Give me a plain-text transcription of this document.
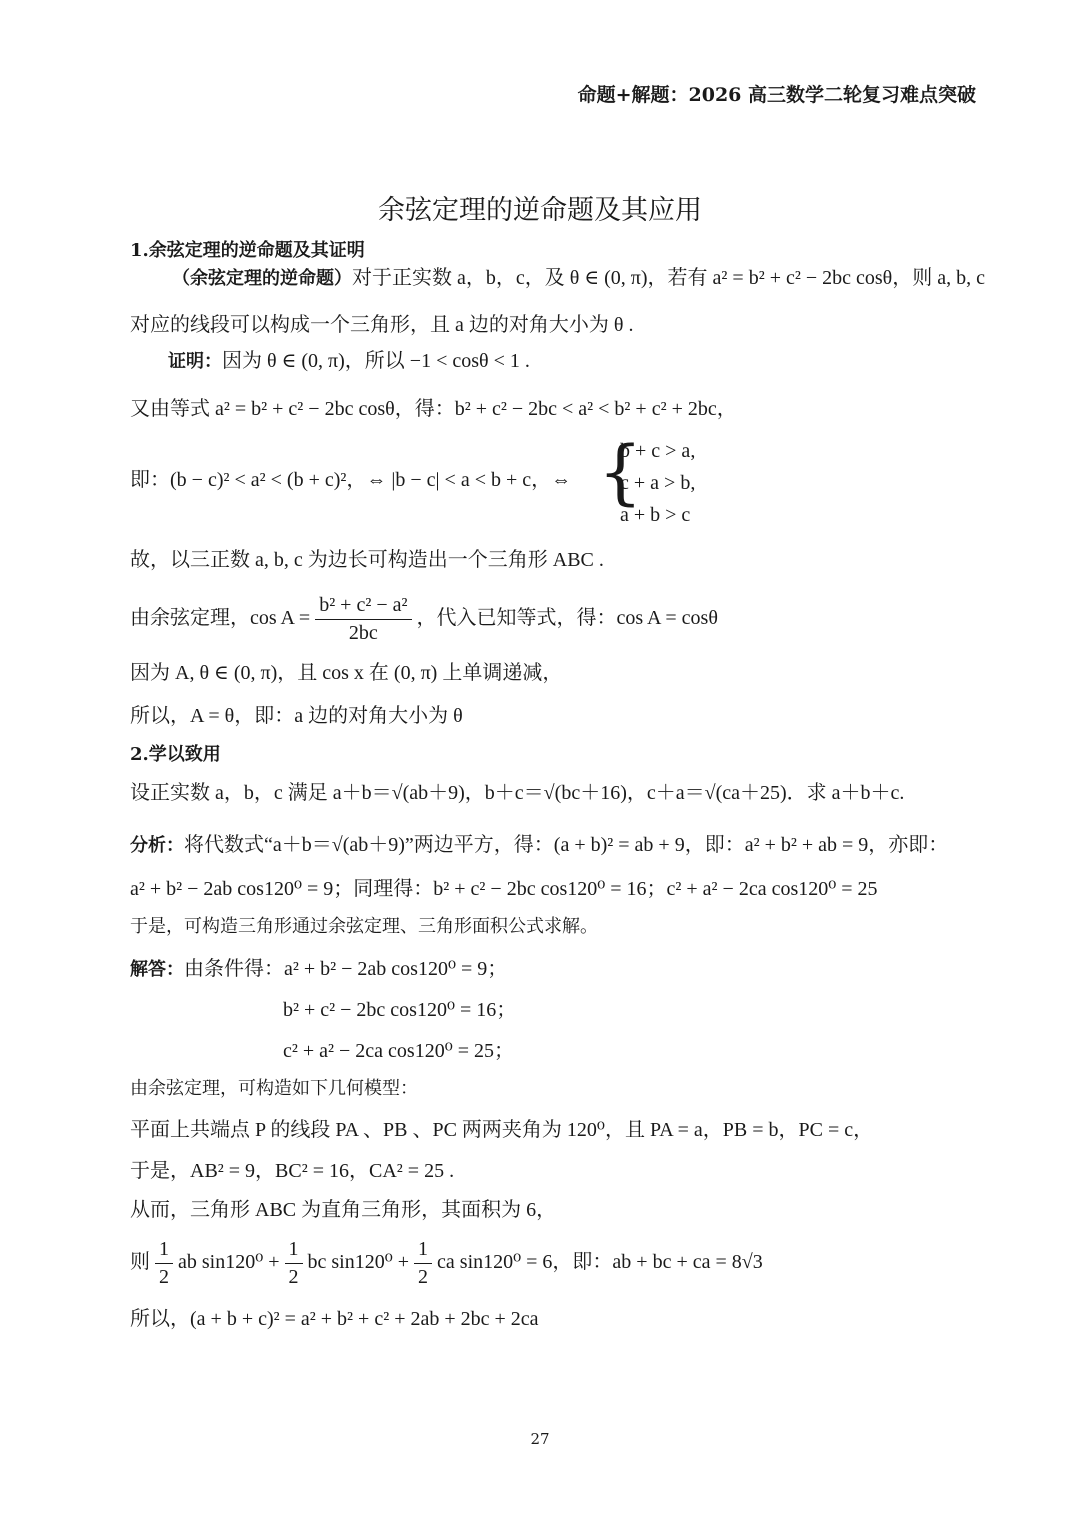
命题+解题：2026 高三数学二轮复习难点突破
余弦定理的逆命题及其应用
1.余弦定理的逆命题及其证明
（余弦定理的逆命题）对于正实数 a，b，c，及 θ ∈ (0, π)，若有 a² = b² + c² − 2bc cosθ，则 a, b, c
对应的线段可以构成一个三角形，且 a 边的对角大小为 θ .
证明：因为 θ ∈ (0, π)，所以 −1 < cosθ < 1 .
又由等式 a² = b² + c² − 2bc cosθ，得：b² + c² − 2bc < a² < b² + c² + 2bc，
即：(b − c)² < a² < (b + c)²，⇔ |b − c| < a < b + c，⇔ {
b + c > a,
c + a > b,
a + b > c
故，以三正数 a, b, c 为边长可构造出一个三角形 ABC .
由余弦定理，$\cos A = \frac{\text{b² + c² − a²}}{2bc}$ ，代入已知等式，得：cos A = cosθ
因为 A, θ ∈ (0, π)，且 cos x 在 (0, π) 上单调递减，
所以，A = θ，即：a 边的对角大小为 θ
2.学以致用
设正实数 a，b，c 满足 a＋b＝√(ab＋9)，b＋c＝√(bc＋16)，c＋a＝√(ca＋25)．求 a＋b＋c.
分析：将代数式“a＋b＝√(ab＋9)”两边平方，得：(a + b)² = ab + 9，即：a² + b² + ab = 9，亦即：
a² + b² − 2ab cos120⁰ = 9；同理得：b² + c² − 2bc cos120⁰ = 16；c² + a² − 2ca cos120⁰ = 25
于是，可构造三角形通过余弦定理、三角形面积公式求解。
解答：由条件得：a² + b² − 2ab cos120⁰ = 9；
b² + c² − 2bc cos120⁰ = 16；
c² + a² − 2ca cos120⁰ = 25；
由余弦定理，可构造如下几何模型：
平面上共端点 P 的线段 PA 、PB 、PC 两两夹角为 120⁰，且 PA = a，PB = b，PC = c，
于是，AB² = 9，BC² = 16，CA² = 25 .
从而，三角形 ABC 为直角三角形，其面积为 6，
则 $\frac{1}{2}$ ab $\sin 120^0 + \frac{1}{2}$ bc $\sin 120^0 + \frac{1}{2}$ ca sin120⁰ = 6，即：ab + bc + ca = 8√3
所以，(a + b + c)² = a² + b² + c² + 2ab + 2bc + 2ca
27
